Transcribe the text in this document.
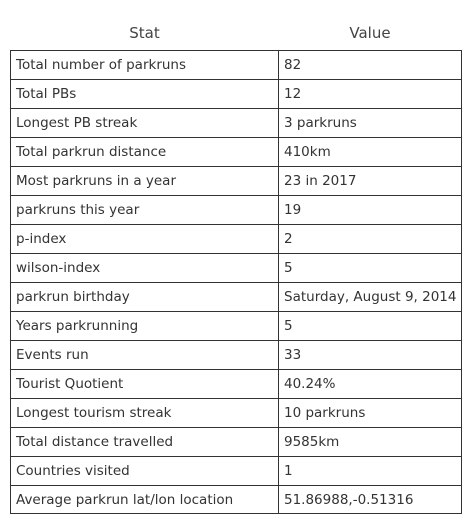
Stat	Value
Total number of parkruns	82
Total PBs	12
Longest PB streak	3 parkruns
Total parkrun distance	410km
Most parkruns in a year	23 in 2017
parkruns this year	19
p-index	2
wilson-index	5
parkrun birthday	Saturday, August 9, 2014
Years parkrunning	5
Events run	33
Tourist Quotient	40.24%
Longest tourism streak	10 parkruns
Total distance travelled	9585km
Countries visited	1
Average parkrun lat/lon location	51.86988,-0.51316
